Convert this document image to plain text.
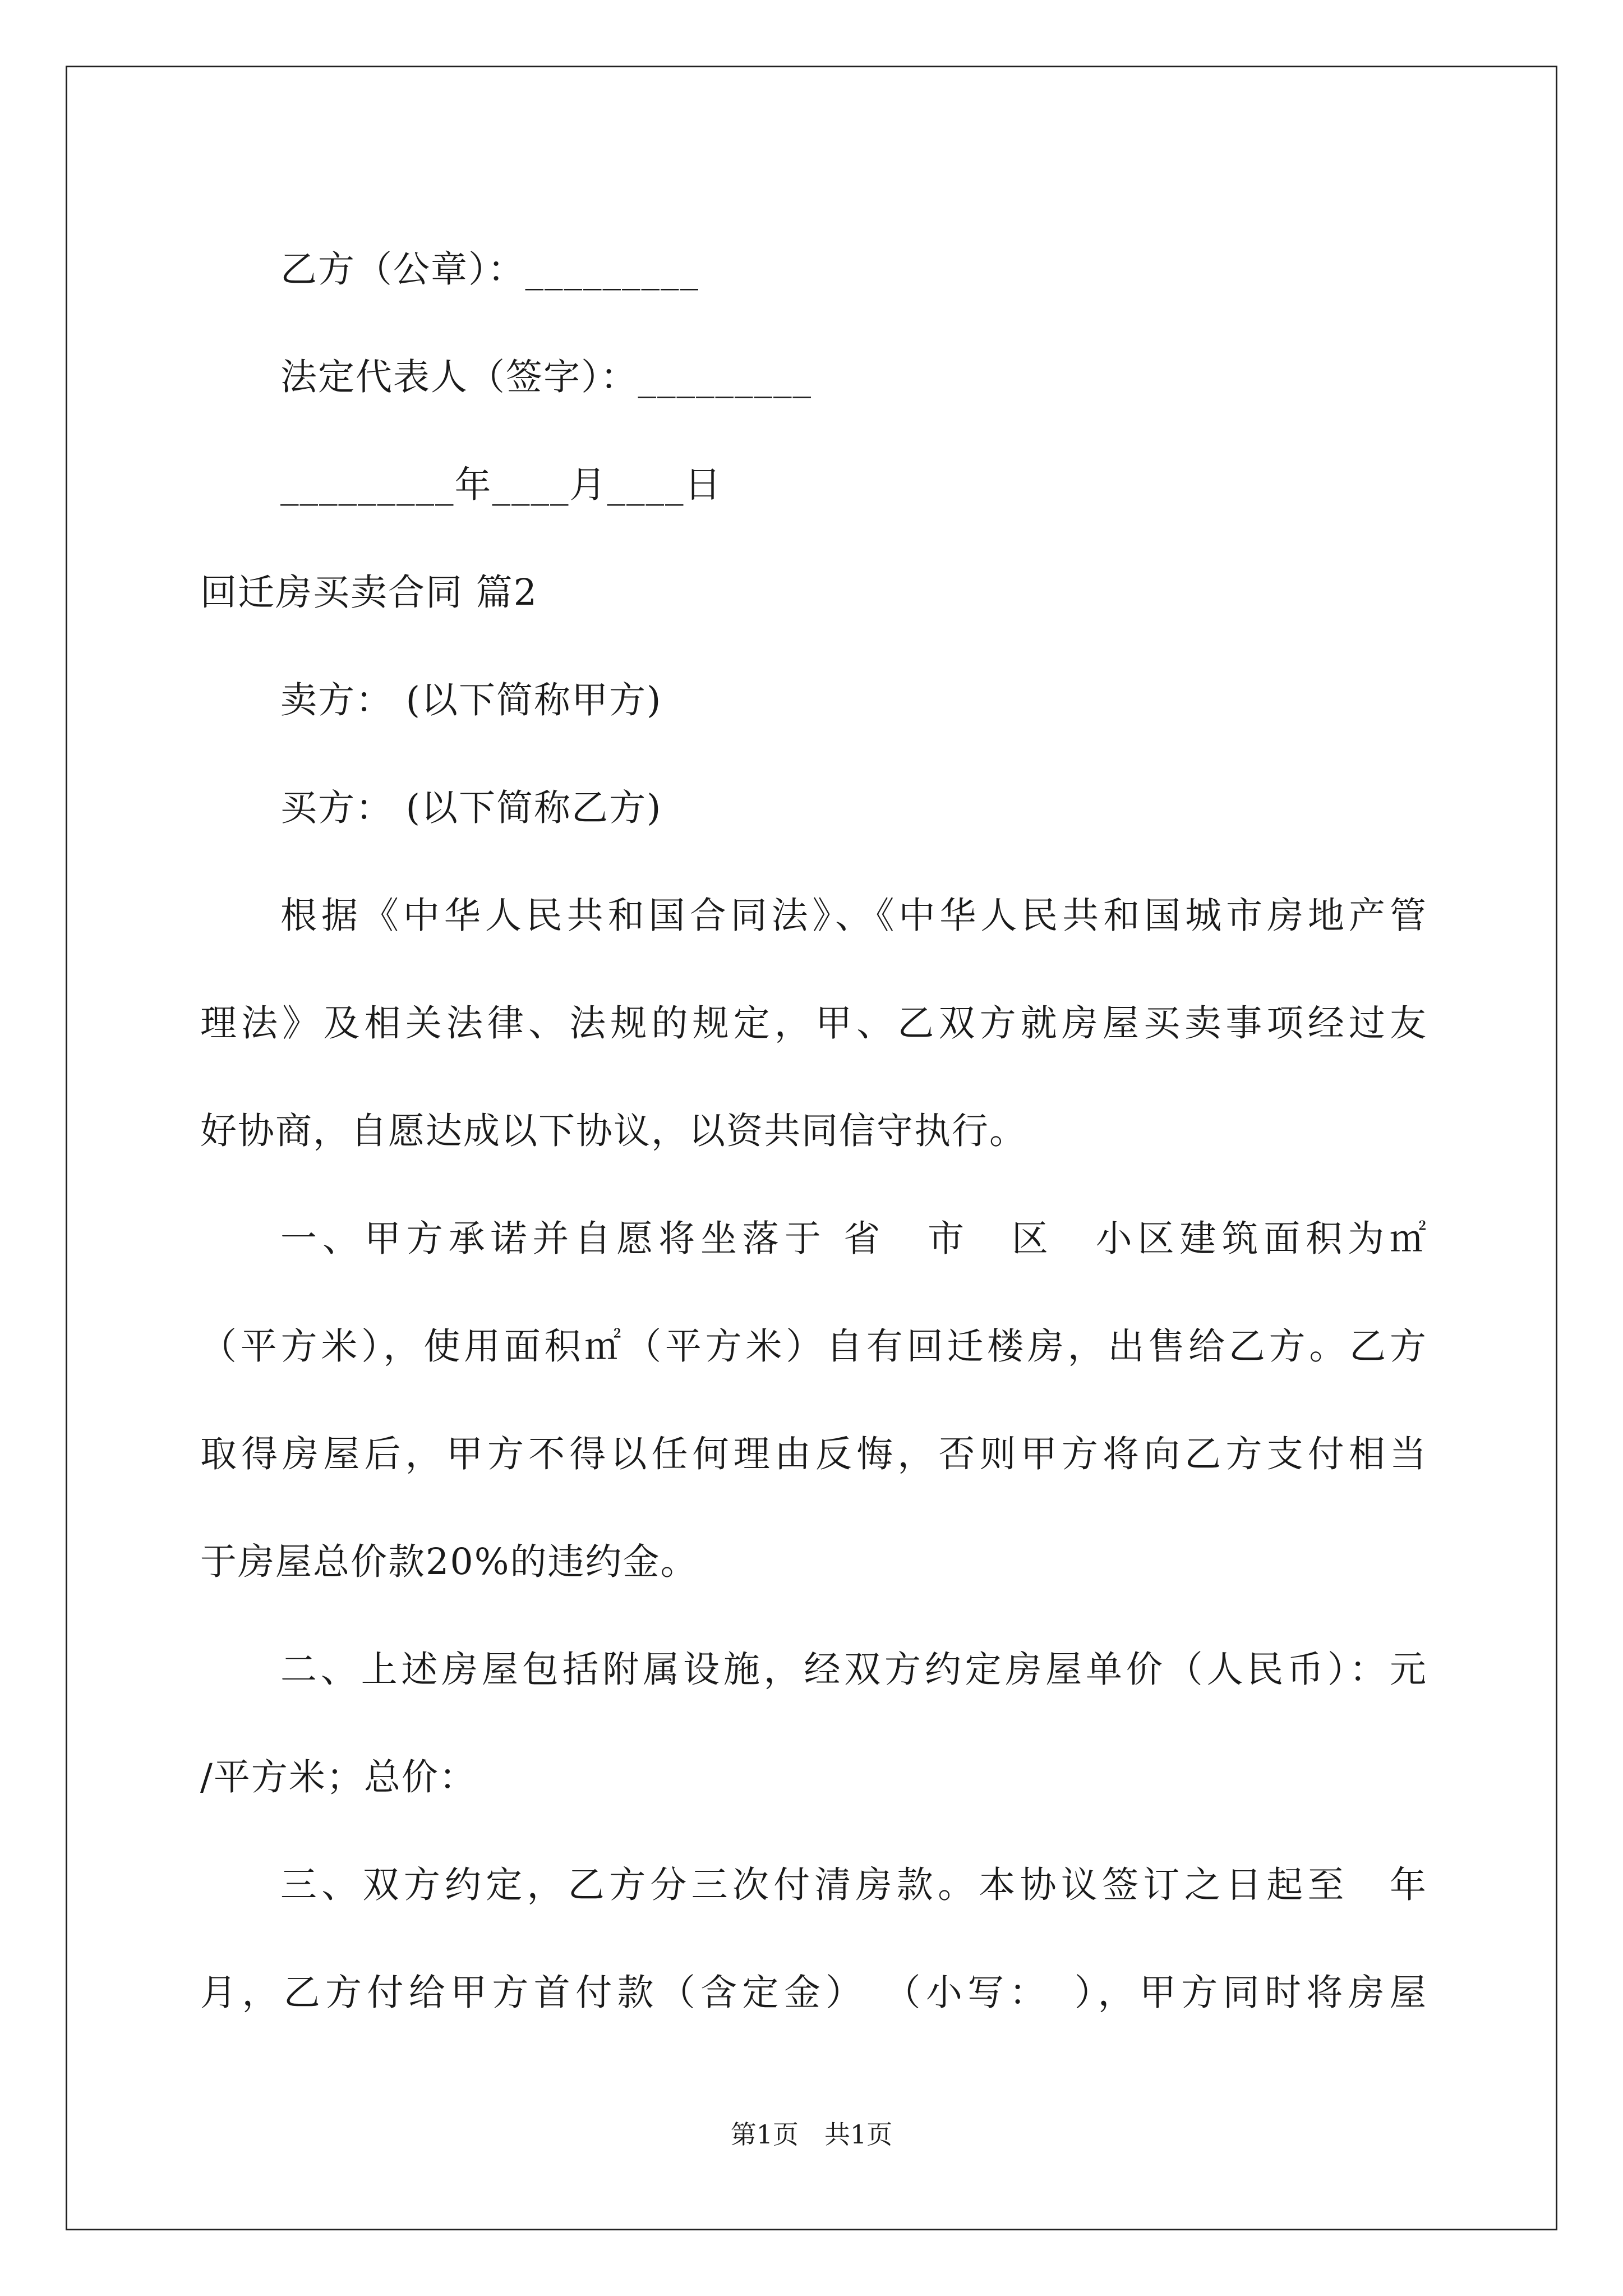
乙方（公章）：_________
法定代表人（签字）：_________
_________年____月____日
回迁房买卖合同 篇2
卖方： (以下简称甲方)
买方： (以下简称乙方)
根据《中华人民共和国合同法》、《中华人民共和国城市房地产管
理法》及相关法律、法规的规定，甲、乙双方就房屋买卖事项经过友
好协商，自愿达成以下协议，以资共同信守执行。
一、甲方承诺并自愿将坐落于 省　市　区　小区建筑面积为㎡
（平方米），使用面积㎡（平方米）自有回迁楼房，出售给乙方。乙方
取得房屋后，甲方不得以任何理由反悔，否则甲方将向乙方支付相当
于房屋总价款20%的违约金。
二、上述房屋包括附属设施，经双方约定房屋单价（人民币）：元
/平方米；总价：
三、双方约定，乙方分三次付清房款。本协议签订之日起至　年
月，乙方付给甲方首付款（含定金） （小写：　），甲方同时将房屋
第1页　共1页
